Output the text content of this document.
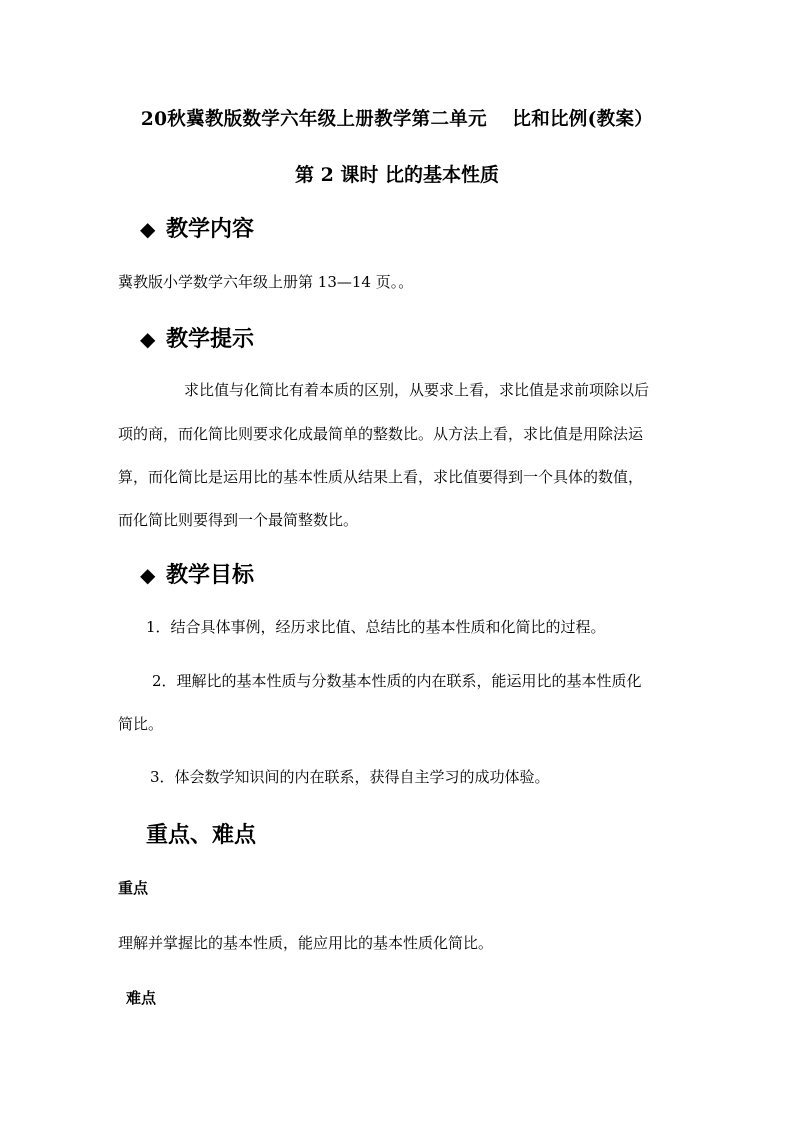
20秋冀教版数学六年级上册教学第二单元　 比和比例(教案）
第 2 课时 比的基本性质
◆ 教学内容
冀教版小学数学六年级上册第 13—14 页。。
◆ 教学提示
求比值与化简比有着本质的区别，从要求上看，求比值是求前项除以后
项的商，而化简比则要求化成最简单的整数比。从方法上看，求比值是用除法运
算，而化简比是运用比的基本性质从结果上看，求比值要得到一个具体的数值，
而化简比则要得到一个最简整数比。
◆ 教学目标
1．结合具体事例，经历求比值、总结比的基本性质和化简比的过程。
2．理解比的基本性质与分数基本性质的内在联系，能运用比的基本性质化
简比。
3．体会数学知识间的内在联系，获得自主学习的成功体验。
重点、难点
重点
理解并掌握比的基本性质，能应用比的基本性质化简比。
难点
